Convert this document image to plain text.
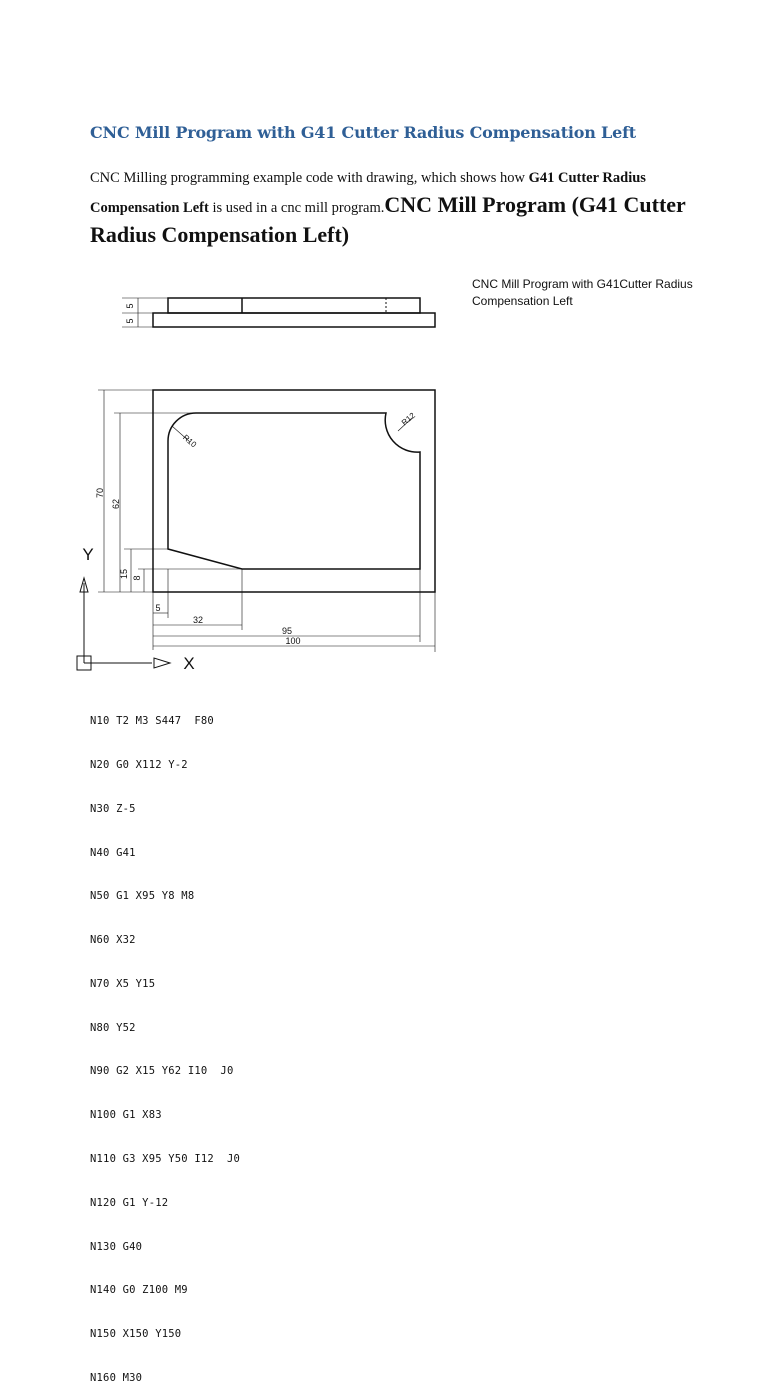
CNC Mill Program with G41 Cutter Radius Compensation Left
CNC Milling programming example code with drawing, which shows how G41 Cutter Radius Compensation Left is used in a cnc mill program.CNC Mill Program (G41 Cutter Radius Compensation Left)
CNC Mill Program with G41Cutter Radius Compensation Left
5
5
70
62
15 8
5
32
95
100
R10
R12
Y
X

N10 T2 M3 S447  F80

N20 G0 X112 Y-2

N30 Z-5

N40 G41

N50 G1 X95 Y8 M8

N60 X32

N70 X5 Y15

N80 Y52

N90 G2 X15 Y62 I10  J0

N100 G1 X83

N110 G3 X95 Y50 I12  J0

N120 G1 Y-12

N130 G40

N140 G0 Z100 M9

N150 X150 Y150

N160 M30
